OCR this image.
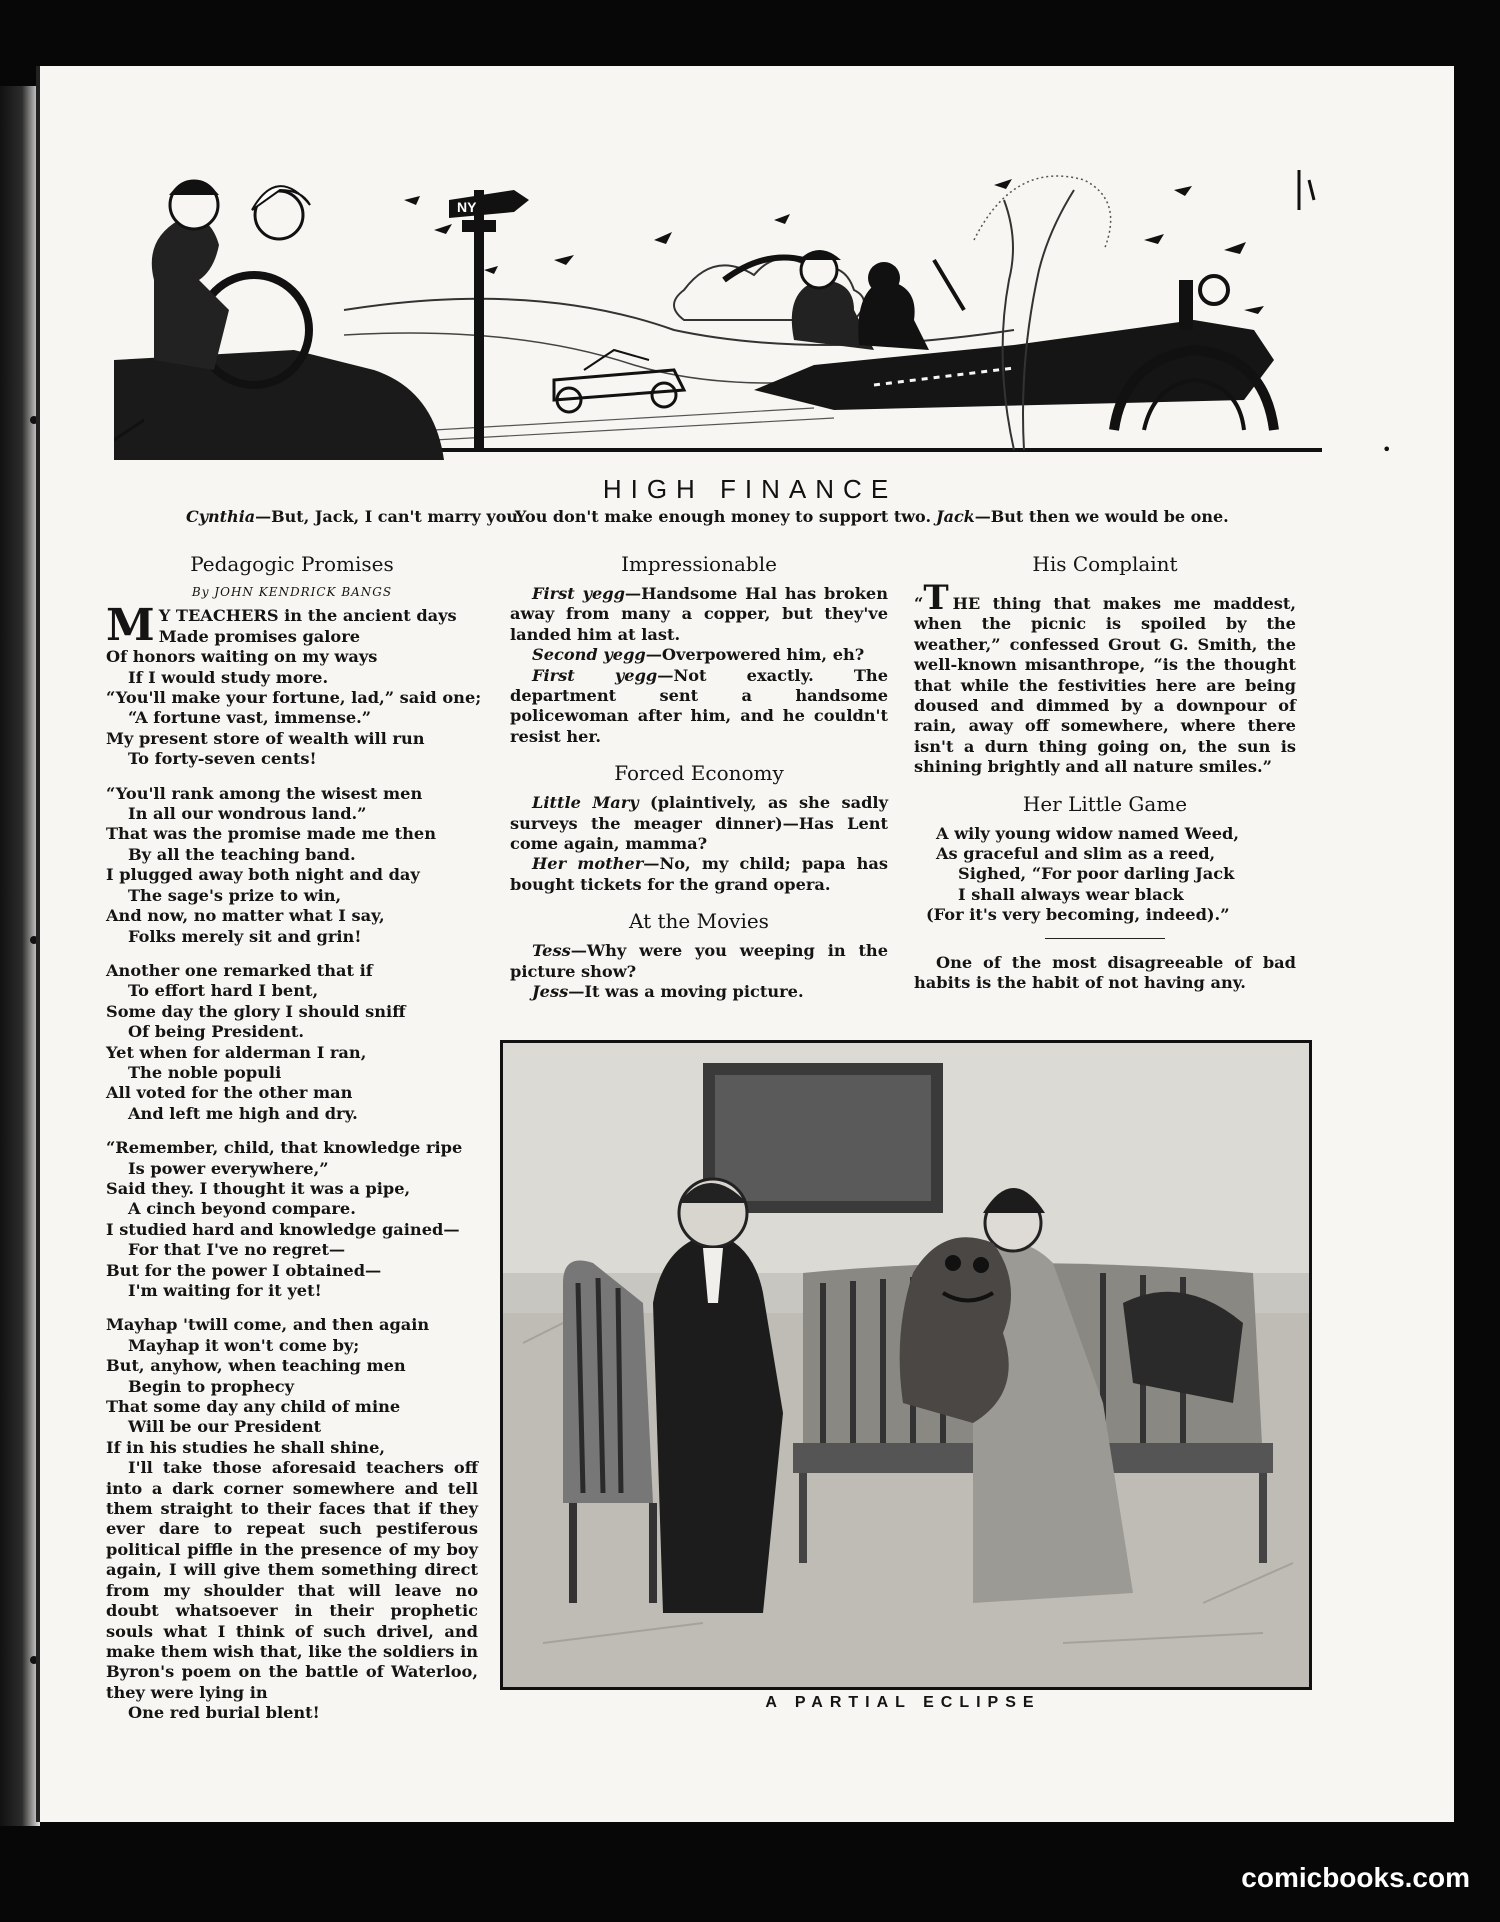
NY
•
HIGH FINANCE
Cynthia—But, Jack, I can't marry you.
You don't make enough money to support two. Jack—But then we would be one.
Pedagogic Promises
By JOHN KENDRICK BANGS
M Y TEACHERS in the ancient days
Made promises galore
Of honors waiting on my ways
If I would study more.
“You'll make your fortune, lad,” said one;
“A fortune vast, immense.”
My present store of wealth will run
To forty-seven cents!
“You'll rank among the wisest men
In all our wondrous land.”
That was the promise made me then
By all the teaching band.
I plugged away both night and day
The sage's prize to win,
And now, no matter what I say,
Folks merely sit and grin!
Another one remarked that if
To effort hard I bent,
Some day the glory I should sniff
Of being President.
Yet when for alderman I ran,
The noble populi
All voted for the other man
And left me high and dry.
“Remember, child, that knowledge ripe
Is power everywhere,”
Said they. I thought it was a pipe,
A cinch beyond compare.
I studied hard and knowledge gained—
For that I've no regret—
But for the power I obtained—
I'm waiting for it yet!
Mayhap 'twill come, and then again
Mayhap it won't come by;
But, anyhow, when teaching men
Begin to prophecy
That some day any child of mine
Will be our President
If in his studies he shall shine,

I'll take those aforesaid teachers off into a dark corner somewhere and tell them straight to their faces that if they ever dare to repeat such pestiferous political piffle in the presence of my boy again, I will give them something direct from my shoulder that will leave no doubt whatsoever in their prophetic souls what I think of such drivel, and make them wish that, like the soldiers in Byron's poem on the battle of Waterloo, they were lying in

One red burial blent!
Impressionable

First yegg—Handsome Hal has broken away from many a copper, but they've landed him at last.

Second yegg—Overpowered him, eh?

First yegg—Not exactly. The department sent a handsome policewoman after him, and he couldn't resist her.

Forced Economy

Little Mary (plaintively, as she sadly surveys the meager dinner)—Has Lent come again, mamma?

Her mother—No, my child; papa has bought tickets for the grand opera.

At the Movies

Tess—Why were you weeping in the picture show?

Jess—It was a moving picture.

His Complaint

“T HE thing that makes me maddest, when the picnic is spoiled by the weather,” confessed Grout G. Smith, the well-known misanthrope, “is the thought that while the festivities here are being doused and dimmed by a downpour of rain, away off somewhere, where there isn't a durn thing going on, the sun is shining brightly and all nature smiles.”

Her Little Game
A wily young widow named Weed,
As graceful and slim as a reed,
Sighed, “For poor darling Jack
I shall always wear black
(For it's very becoming, indeed).”

One of the most disagreeable of bad habits is the habit of not having any.

A PARTIAL ECLIPSE
comicbooks.com
